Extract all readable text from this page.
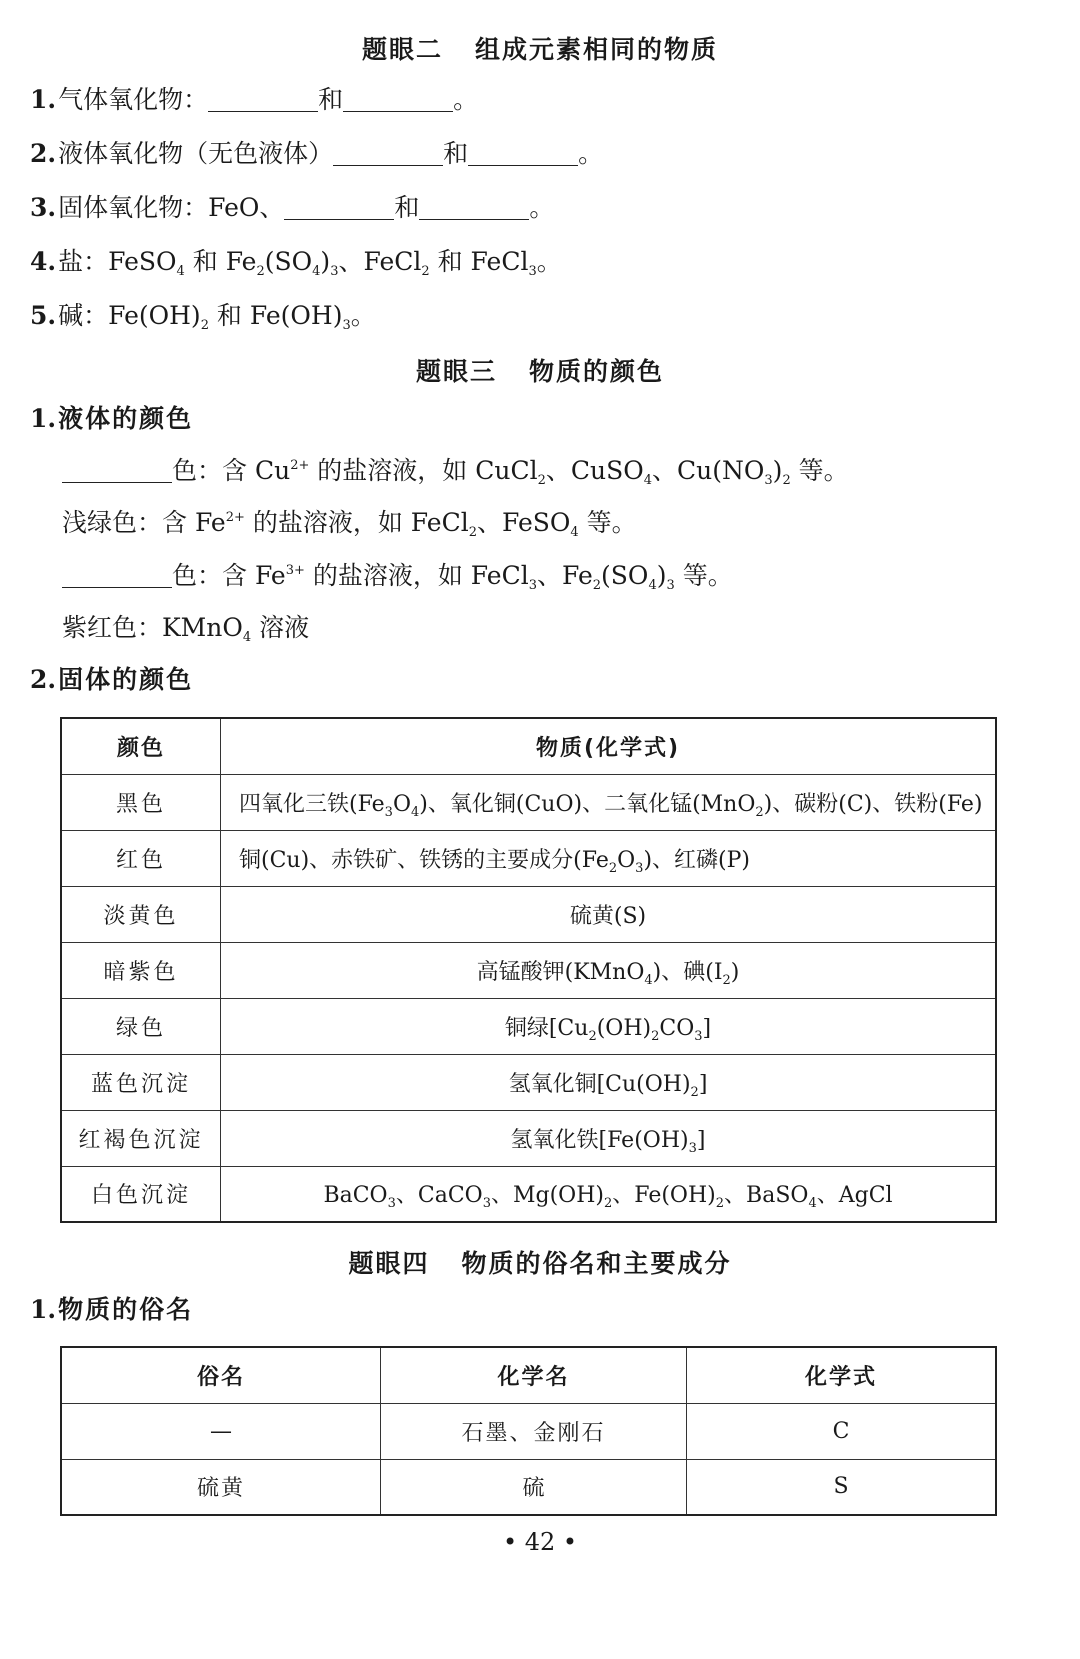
题眼二 组成元素相同的物质
1.气体氧化物：	和	。
2.液体氧化物（无色液体）	和	。
3.固体氧化物：FeO、	和	。
4.盐：FeSO$_4$ 和 $Fe_2(SO_4)_3$、FeCl$_2$ 和 FeCl$_3$。
5.碱：$Fe(OH)_2$ 和 $Fe(OH)_3$。
题眼三 物质的颜色
1.液体的颜色
色：含 $Cu^{2+}$ 的盐溶液，如 CuCl$_2$、CuSO$_4$、$Cu(NO_3)_2$ 等。
浅绿色：含 $Fe^{2+}$ 的盐溶液，如 FeCl$_2$、FeSO$_4$ 等。
色：含 $Fe^{3+}$ 的盐溶液，如 FeCl$_3$、$Fe_2(SO_4)_3$ 等。
紫红色：KMnO$_4$ 溶液
2.固体的颜色
颜色	物质(化学式)
黑色	四氧化三铁$(Fe_3O_4)$、氧化铜(CuO)、二氧化锰(MnO$_2$)、碳粉(C)、铁粉(Fe)
红色	铜(Cu)、赤铁矿、铁锈的主要成分$(Fe_2O_3)$、红磷(P)
淡黄色	硫黄(S)
暗紫色	高锰酸钾(KMnO$_4$)、碘$(I_2)$
绿色	铜绿$[Cu_2(OH)_2CO_3]$
蓝色沉淀	氢氧化铜$[Cu(OH)_2]$
红褐色沉淀	氢氧化铁$[Fe(OH)_3]$
白色沉淀	BaCO$_3$、CaCO$_3$、$Mg(OH)_2$、$Fe(OH)_2$、BaSO$_4$、AgCl
题眼四 物质的俗名和主要成分
1.物质的俗名
俗名	化学名	化学式
—	石墨、金刚石	C
硫黄	硫	S
• 42 •
